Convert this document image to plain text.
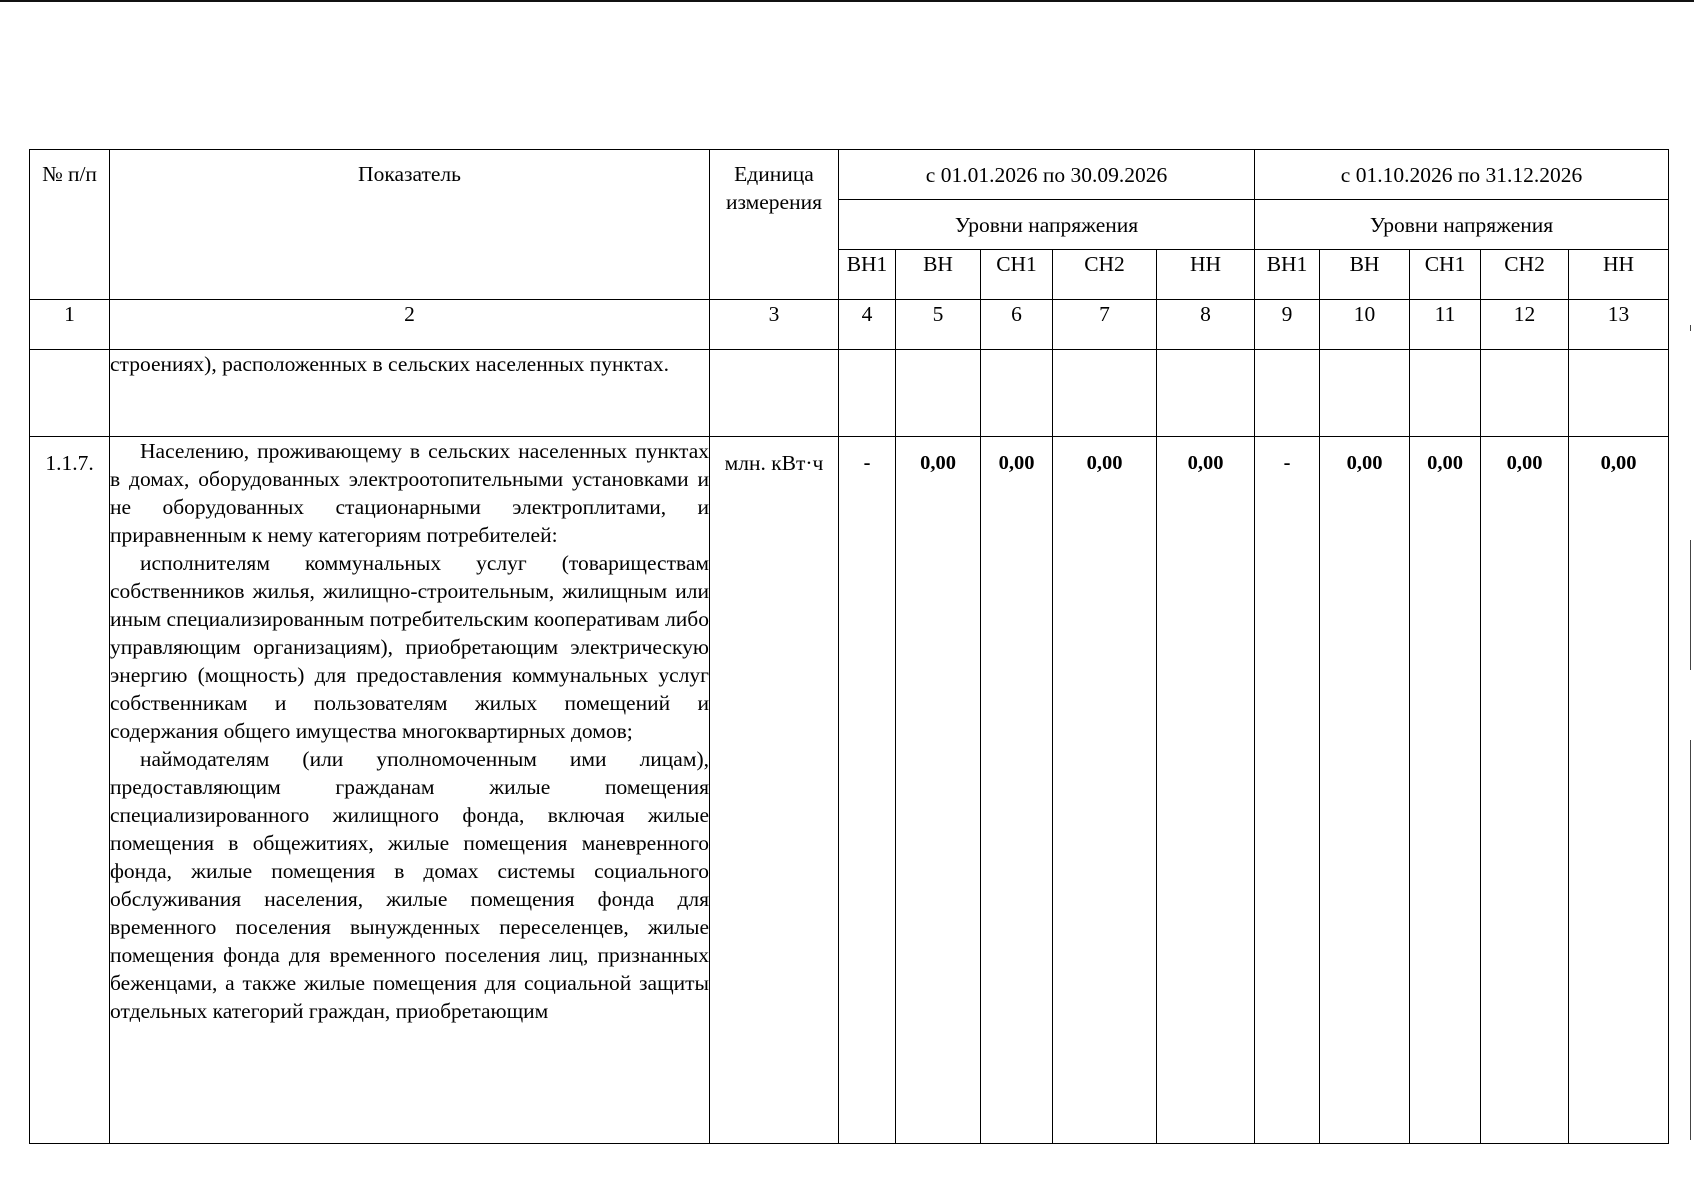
№ п/п	Показатель	Единица измерения	с 01.01.2026 по 30.09.2026					с 01.10.2026 по 31.12.2026				
			Уровни напряжения					Уровни напряжения				
			ВН1	ВН	СН1	СН2	НН	ВН1	ВН	СН1	СН2	НН
1	2	3	4	5	6	7	8	9	10	11	12	13

	строениях), расположенных в сельских населенных пунктах.											

1.1.7.	Населению, проживающему в сельских населенных пунктах в домах, оборудованных электроотопительными установками и не оборудованных стационарными электроплитами, и приравненным к нему категориям потребителей:

исполнителям коммунальных услуг (товариществам собственников жилья, жилищно-строительным, жилищным или иным специализированным потребительским кооперативам либо управляющим организациям), приобретающим электрическую энергию (мощность) для предоставления коммунальных услуг собственникам и пользователям жилых помещений и содержания общего имущества многоквартирных домов;

наймодателям (или уполномоченным ими лицам), предоставляющим гражданам жилые помещения специализированного жилищного фонда, включая жилые помещения в общежитиях, жилые помещения маневренного фонда, жилые помещения в домах системы социального обслуживания населения, жилые помещения фонда для временного поселения вынужденных переселенцев, жилые помещения фонда для временного поселения лиц, признанных беженцами, а также жилые помещения для социальной защиты отдельных категорий граждан, приобретающим	млн. кВт·ч	-	0,00	0,00	0,00	0,00	-	0,00	0,00	0,00	0,00
